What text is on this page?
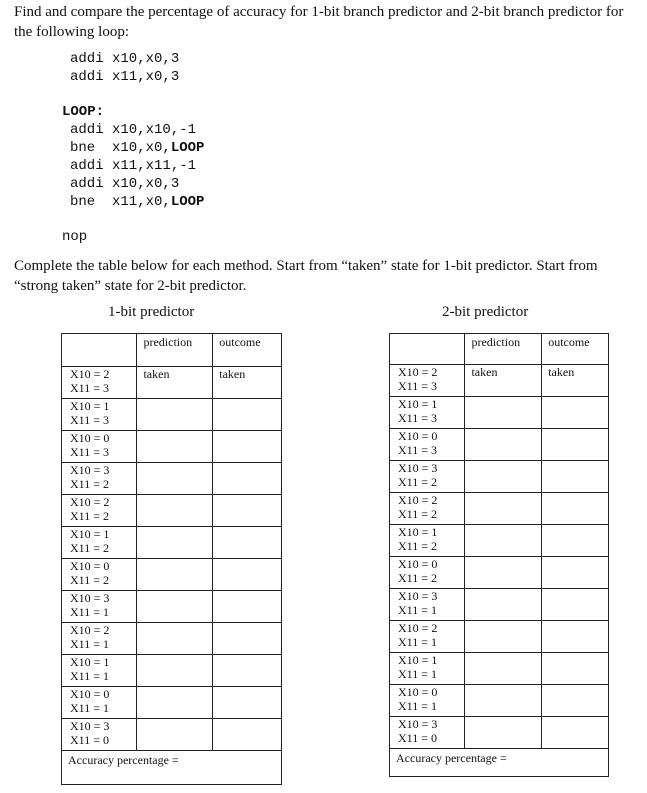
Find and compare the percentage of accuracy for 1-bit branch predictor and 2-bit branch predictor for the following loop:
addi x10,x0,3
addi x11,x0,3
LOOP:
addi x10,x10,-1
bne  x10,x0,LOOP
addi x11,x11,-1
addi x10,x0,3
bne  x11,x0,LOOP
nop
Complete the table below for each method. Start from “taken” state for 1-bit predictor. Start from “strong taken” state for 2-bit predictor.
1-bit predictor	2-bit predictor
	prediction	outcome

X10 = 2
X11 = 3	taken	taken

X10 = 1
X11 = 3		

X10 = 0
X11 = 3		

X10 = 3
X11 = 2		

X10 = 2
X11 = 2		

X10 = 1
X11 = 2		

X10 = 0
X11 = 2		

X10 = 3
X11 = 1		

X10 = 2
X11 = 1		

X10 = 1
X11 = 1		

X10 = 0
X11 = 1		

X10 = 3
X11 = 0		

Accuracy percentage =		
	prediction	outcome

X10 = 2
X11 = 3	taken	taken

X10 = 1
X11 = 3		

X10 = 0
X11 = 3		

X10 = 3
X11 = 2		

X10 = 2
X11 = 2		

X10 = 1
X11 = 2		

X10 = 0
X11 = 2		

X10 = 3
X11 = 1		

X10 = 2
X11 = 1		

X10 = 1
X11 = 1		

X10 = 0
X11 = 1		

X10 = 3
X11 = 0		

Accuracy percentage =		
